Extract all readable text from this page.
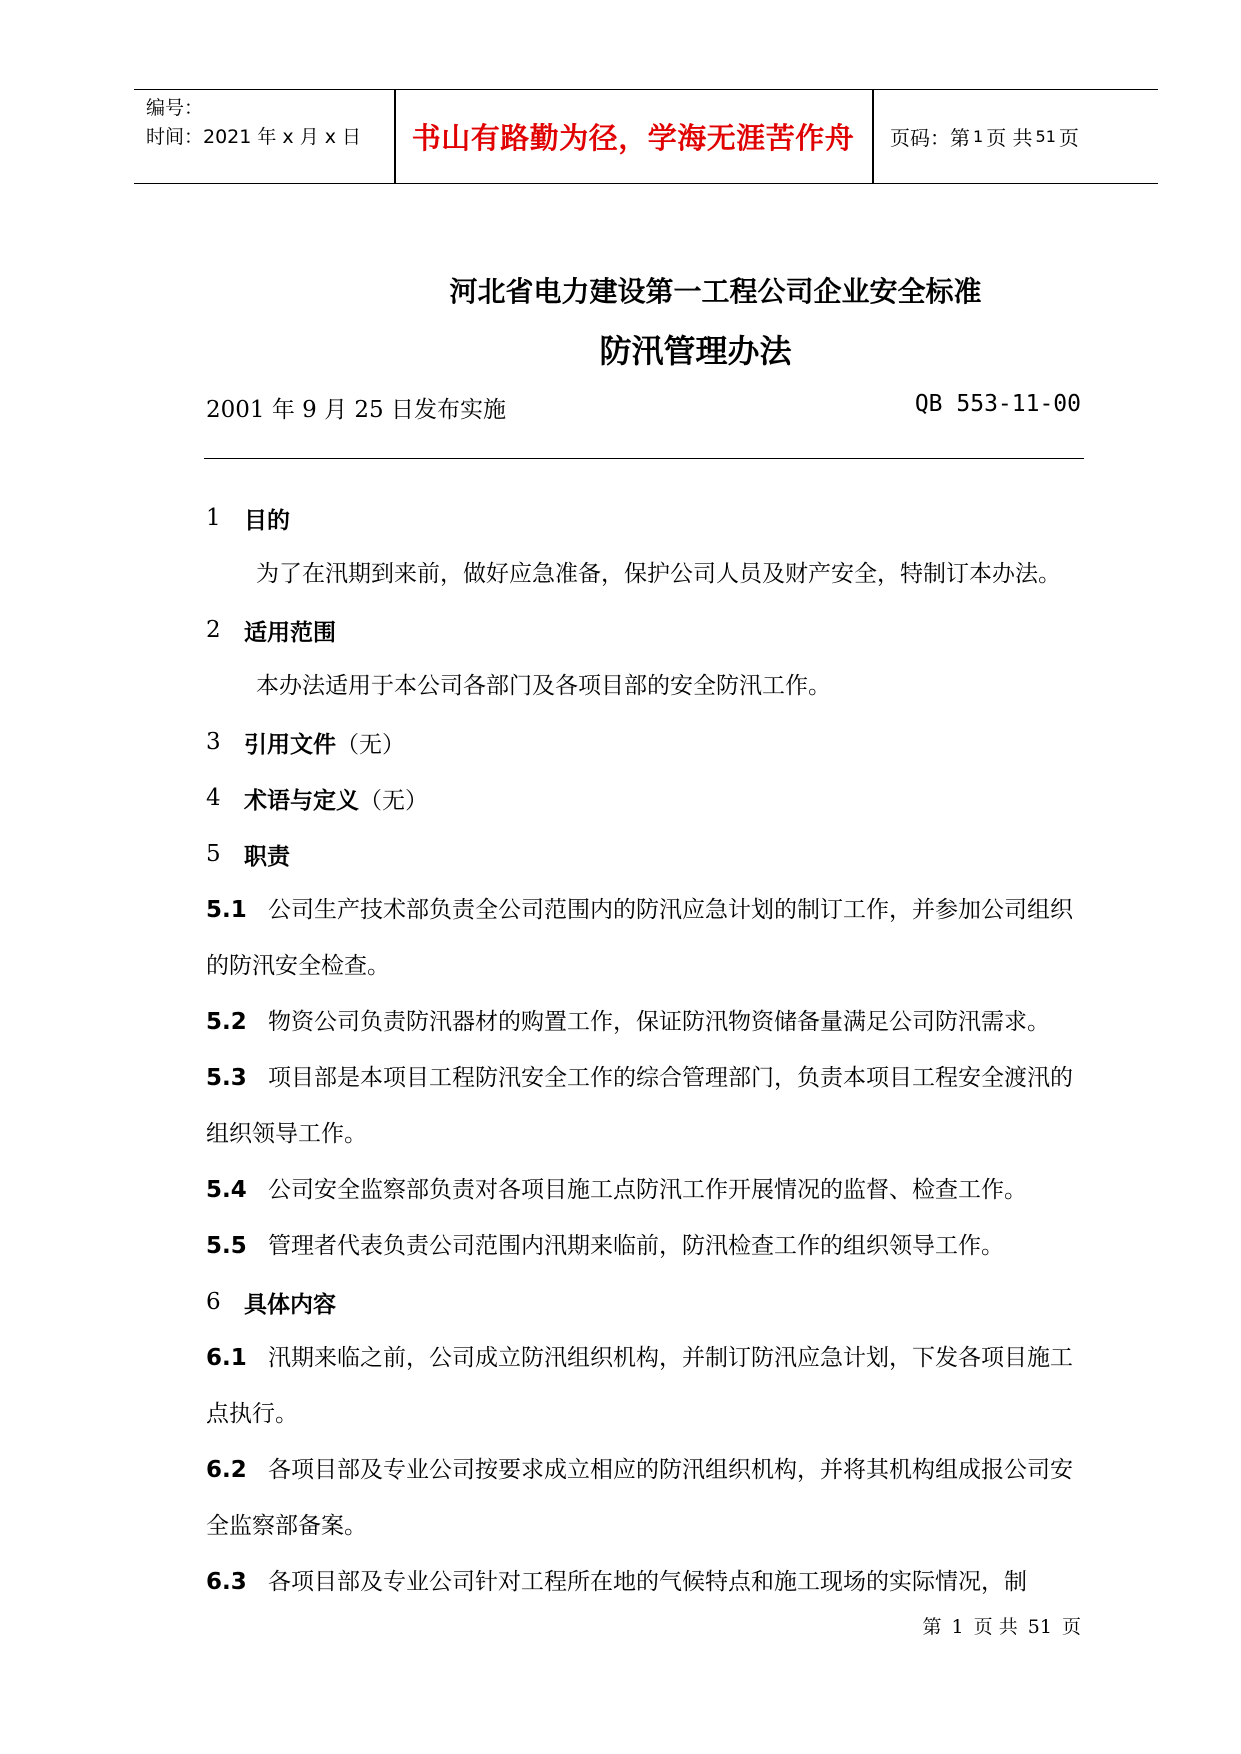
编号：
时间：2021 年 x 月 x 日	书山有路勤为径，学海无涯苦作舟	页码：第 1 页 共 51 页
河北省电力建设第一工程公司企业安全标准
防汛管理办法
2001 年 9 月 25 日发布实施	QB 553-11-00
1	目的
为了在汛期到来前，做好应急准备，保护公司人员及财产安全，特制订本办法。
2	适用范围
本办法适用于本公司各部门及各项目部的安全防汛工作。
3	引用文件 （无）
4	术语与定义 （无）
5	职责
5.1 公司生产技术部负责全公司范围内的防汛应急计划的制订工作，并参加公司组织的防汛安全检查。
5.2 物资公司负责防汛器材的购置工作，保证防汛物资储备量满足公司防汛需求。
5.3 项目部是本项目工程防汛安全工作的综合管理部门，负责本项目工程安全渡汛的组织领导工作。
5.4 公司安全监察部负责对各项目施工点防汛工作开展情况的监督、检查工作。
5.5 管理者代表负责公司范围内汛期来临前，防汛检查工作的组织领导工作。
6	具体内容
6.1 汛期来临之前，公司成立防汛组织机构，并制订防汛应急计划，下发各项目施工点执行。
6.2 各项目部及专业公司按要求成立相应的防汛组织机构，并将其机构组成报公司安全监察部备案。
6.3 各项目部及专业公司针对工程所在地的气候特点和施工现场的实际情况，制
第 1 页 共 51 页
